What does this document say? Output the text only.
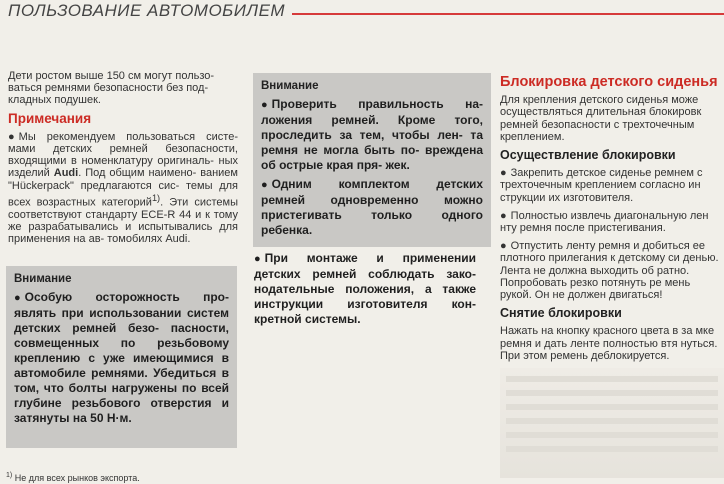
ПОЛЬЗОВАНИЕ АВТОМОБИЛЕМ

Дети ростом выше 150 см могут пользо- ваться ремнями безопасности без под- кладных подушек.

Примечания

● Мы рекомендуем пользоваться систе- мами детских ремней безопасности, входящими в номенклатуру оригиналь- ных изделий Audi. Под общим наимено- ванием "Hückerpack" предлагаются сис- темы для всех возрастных категорий$^{1)}$. Эти системы соответствуют стандарту ECE-R 44 и к тому же разрабатывались и испытывались для применения на ав- томобилях Audi.

Внимание

● Особую осторожность про- являть при использовании систем детских ремней безо- пасности, совмещенных по резьбовому креплению с уже имеющимися в автомобиле ремнями. Убедиться в том, что болты нагружены по всей глубине резьбового отверстия и затянуты на 50 Н·м.

Внимание

● Проверить правильность на- ложения ремней. Кроме того, проследить за тем, чтобы лен- та ремня не могла быть по- вреждена об острые края пря- жек.

● Одним комплектом детских ремней одновременно можно пристегивать только одного ребенка.

● При монтаже и применении детских ремней соблюдать зако- нодательные положения, а также инструкции изготовителя кон- кретной системы.
Блокировка детского сиденья

Для крепления детского сиденья може осуществляться длительная блокировк ремней безопасности с трехточечным креплением.

Осуществление блокировки

● Закрепить детское сиденье ремнем с трехточечным креплением согласно ин струкции их изготовителя.

● Полностью извлечь диагональную лен нту ремня после пристегивания.

● Отпустить ленту ремня и добиться ее плотного прилегания к детскому си денью. Лента не должна выходить об ратно. Попробовать резко потянуть ре мень рукой. Он не должен двигаться!

Снятие блокировки

Нажать на кнопку красного цвета в за мке ремня и дать ленте полностью втя нуться. При этом ремень деблокируется.

$^{1)}$ Не для всех рынков экспорта.
